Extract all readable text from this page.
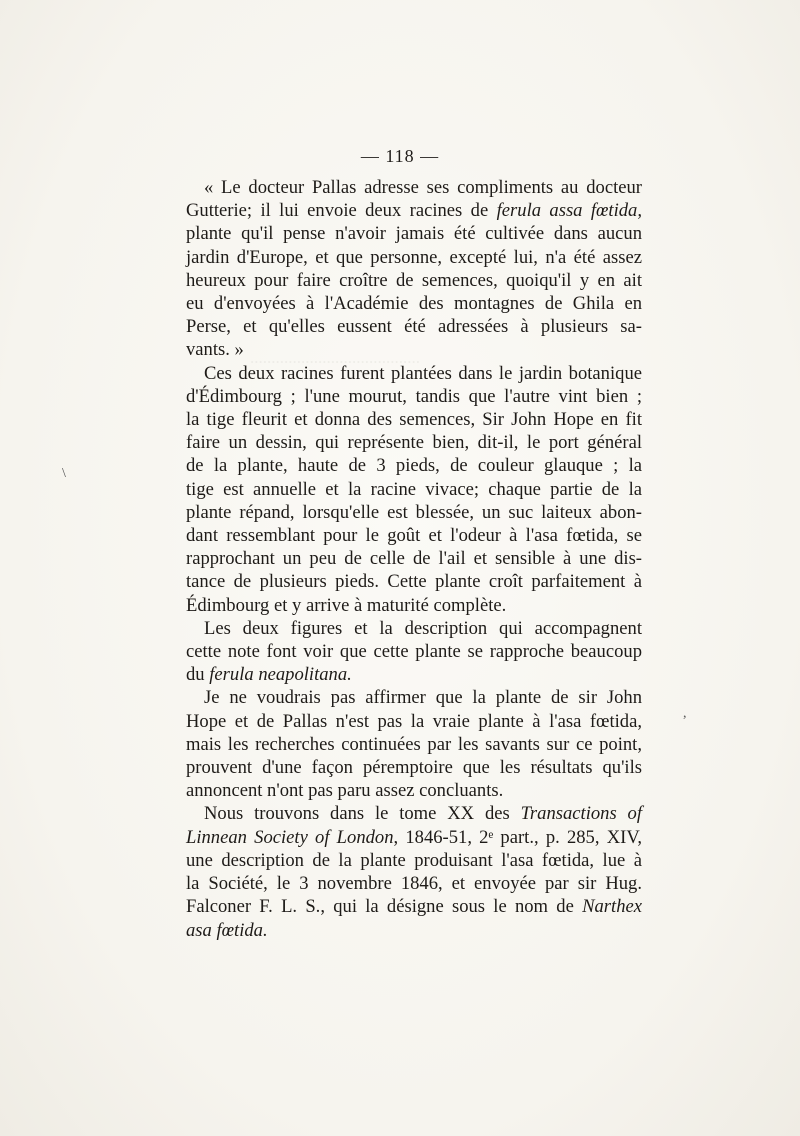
........................................
\
,
— 118 —
« Le docteur Pallas adresse ses compliments au docteur
Gutterie; il lui envoie deux racines de ferula assa fœtida,
plante qu'il pense n'avoir jamais été cultivée dans aucun
jardin d'Europe, et que personne, excepté lui, n'a été assez
heureux pour faire croître de semences, quoiqu'il y en ait
eu d'envoyées à l'Académie des montagnes de Ghila en
Perse, et qu'elles eussent été adressées à plusieurs sa-
vants. »
Ces deux racines furent plantées dans le jardin botanique
d'Édimbourg ; l'une mourut, tandis que l'autre vint bien ;
la tige fleurit et donna des semences, Sir John Hope en fit
faire un dessin, qui représente bien, dit-il, le port général
de la plante, haute de 3 pieds, de couleur glauque ; la
tige est annuelle et la racine vivace; chaque partie de la
plante répand, lorsqu'elle est blessée, un suc laiteux abon-
dant ressemblant pour le goût et l'odeur à l'asa fœtida, se
rapprochant un peu de celle de l'ail et sensible à une dis-
tance de plusieurs pieds. Cette plante croît parfaitement à
Édimbourg et y arrive à maturité complète.
Les deux figures et la description qui accompagnent
cette note font voir que cette plante se rapproche beaucoup
du ferula neapolitana.
Je ne voudrais pas affirmer que la plante de sir John
Hope et de Pallas n'est pas la vraie plante à l'asa fœtida,
mais les recherches continuées par les savants sur ce point,
prouvent d'une façon péremptoire que les résultats qu'ils
annoncent n'ont pas paru assez concluants.
Nous trouvons dans le tome XX des Transactions of
Linnean Society of London, 1846-51, 2ᵉ part., p. 285, XIV,
une description de la plante produisant l'asa fœtida, lue à
la Société, le 3 novembre 1846, et envoyée par sir Hug.
Falconer F. L. S., qui la désigne sous le nom de Narthex
asa fœtida.
